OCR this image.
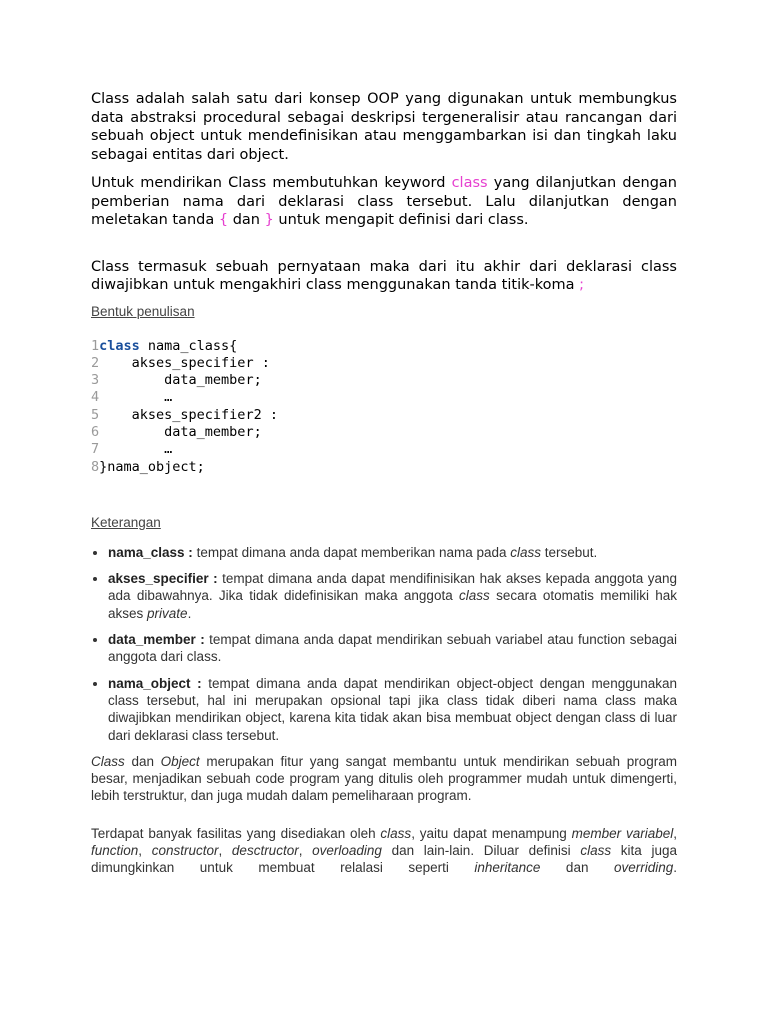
Class adalah salah satu dari konsep OOP yang digunakan untuk membungkus data abstraksi procedural sebagai deskripsi tergeneralisir atau rancangan dari sebuah object untuk mendefinisikan atau menggambarkan isi dan tingkah laku sebagai entitas dari object.

Untuk mendirikan Class membutuhkan keyword class yang dilanjutkan dengan pemberian nama dari deklarasi class tersebut. Lalu dilanjutkan dengan meletakan tanda { dan } untuk mengapit definisi dari class.

Class termasuk sebuah pernyataan maka dari itu akhir dari deklarasi class diwajibkan untuk mengakhiri class menggunakan tanda titik-koma ;

Bentuk penulisan

1class nama_class{
2    akses_specifier :
3        data_member;
4        …
5    akses_specifier2 :
6        data_member;
7        …
8}nama_object;

Keterangan

• nama_class : tempat dimana anda dapat memberikan nama pada class tersebut.
• akses_specifier : tempat dimana anda dapat mendifinisikan hak akses kepada anggota yang ada dibawahnya. Jika tidak didefinisikan maka anggota class secara otomatis memiliki hak akses private.
• data_member : tempat dimana anda dapat mendirikan sebuah variabel atau function sebagai anggota dari class.
• nama_object : tempat dimana anda dapat mendirikan object-object dengan menggunakan class tersebut, hal ini merupakan opsional tapi jika class tidak diberi nama class maka diwajibkan mendirikan object, karena kita tidak akan bisa membuat object dengan class di luar dari deklarasi class tersebut.

Class dan Object merupakan fitur yang sangat membantu untuk mendirikan sebuah program besar, menjadikan sebuah code program yang ditulis oleh programmer mudah untuk dimengerti, lebih terstruktur, dan juga mudah dalam pemeliharaan program.

Terdapat banyak fasilitas yang disediakan oleh class, yaitu dapat menampung member variabel, function, constructor, desctructor, overloading dan lain-lain. Diluar definisi class kita juga dimungkinkan untuk membuat relalasi seperti inheritance dan overriding.
